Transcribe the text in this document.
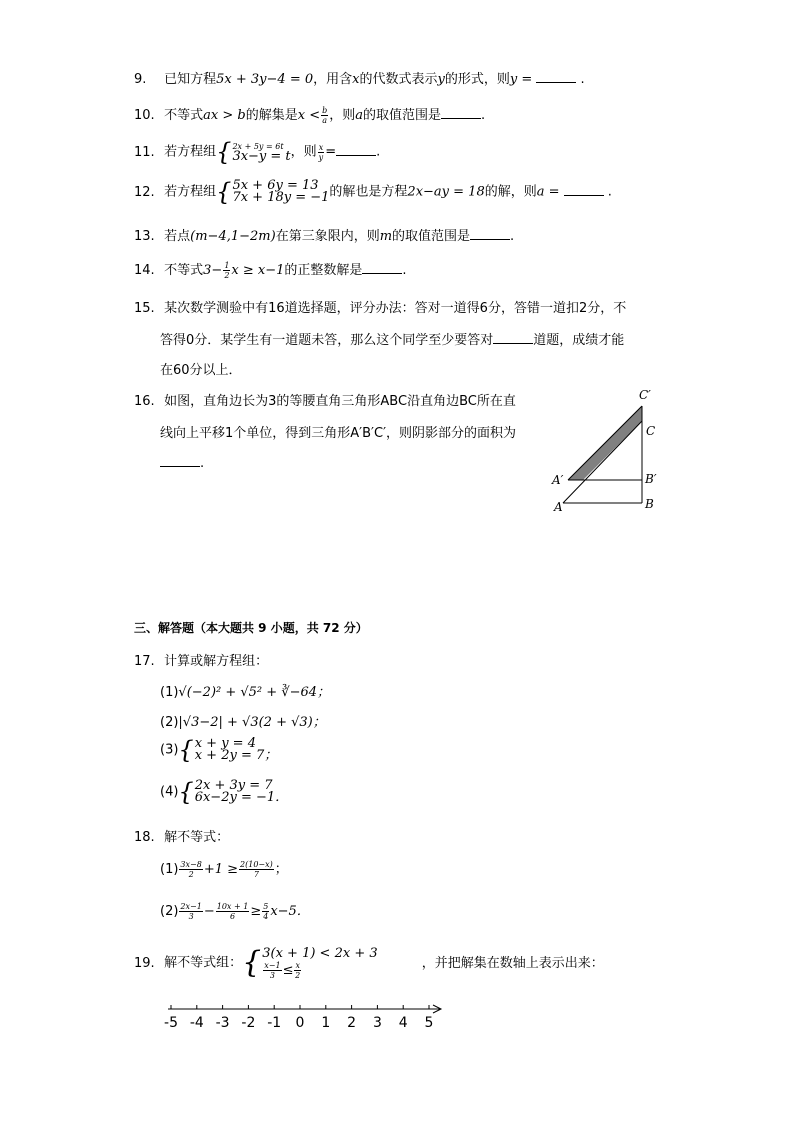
9. 已知方程5x + 3y−4 = 0，用含x的代数式表示y的形式，则y =	.
10. 不等式ax > b的解集是$x < \frac{b}{a}$ ，则a的取值范围是	.
11. 若方程组 { 2x + 5y = 6t
3x−y = t ，则 $\frac{x}{y}$ =	.
12. 若方程组 { 5x + 6y = 13
7x + 18y = −1 的解也是方程2x−ay = 18的解，则a =	.
13. 若点(m−4,1−2m)在第三象限内，则m的取值范围是	.
14. 不等式$3- \frac{1}{2}$ x ≥ x−1的正整数解是	.
15. 某次数学测验中有16道选择题，评分办法：答对一道得6分，答错一道扣2分，不
答得0分．某学生有一道题未答，那么这个同学至少要答对	道题，成绩才能
在60分以上．
16. 如图，直角边长为3的等腰直角三角形ABC沿直角边BC所在直
线向上平移1个单位，得到三角形A′B′C′，则阴影部分的面积为
.
C′
C
A′	B′
A	B
三、解答题（本大题共 9 小题，共 72 分）
17. 计算或解方程组：
(1)√(−2)² + √5² + ∛−64；
(2)|√3−2| + √3(2 + √3)；
(3) { x + y = 4
x + 2y = 7；
(4) { 2x + 3y = 7
6x−2y = −1．
18. 解不等式：
$(1) \frac{3x-8}{2} +1 \ge \frac{2(10-x)}{7}$ ；
$(2) \frac{2x-1}{3} - \frac{10x + 1}{6} \ge \frac{5}{4} x-5$．
19. 解不等式组： { 3(x + 1) < 2x + 3
$\frac{x-1}{3} \le \frac{x}{2}$	，并把解集在数轴上表示出来：
-5 -4 -3 -2 -1 0 1 2 3 4 5
